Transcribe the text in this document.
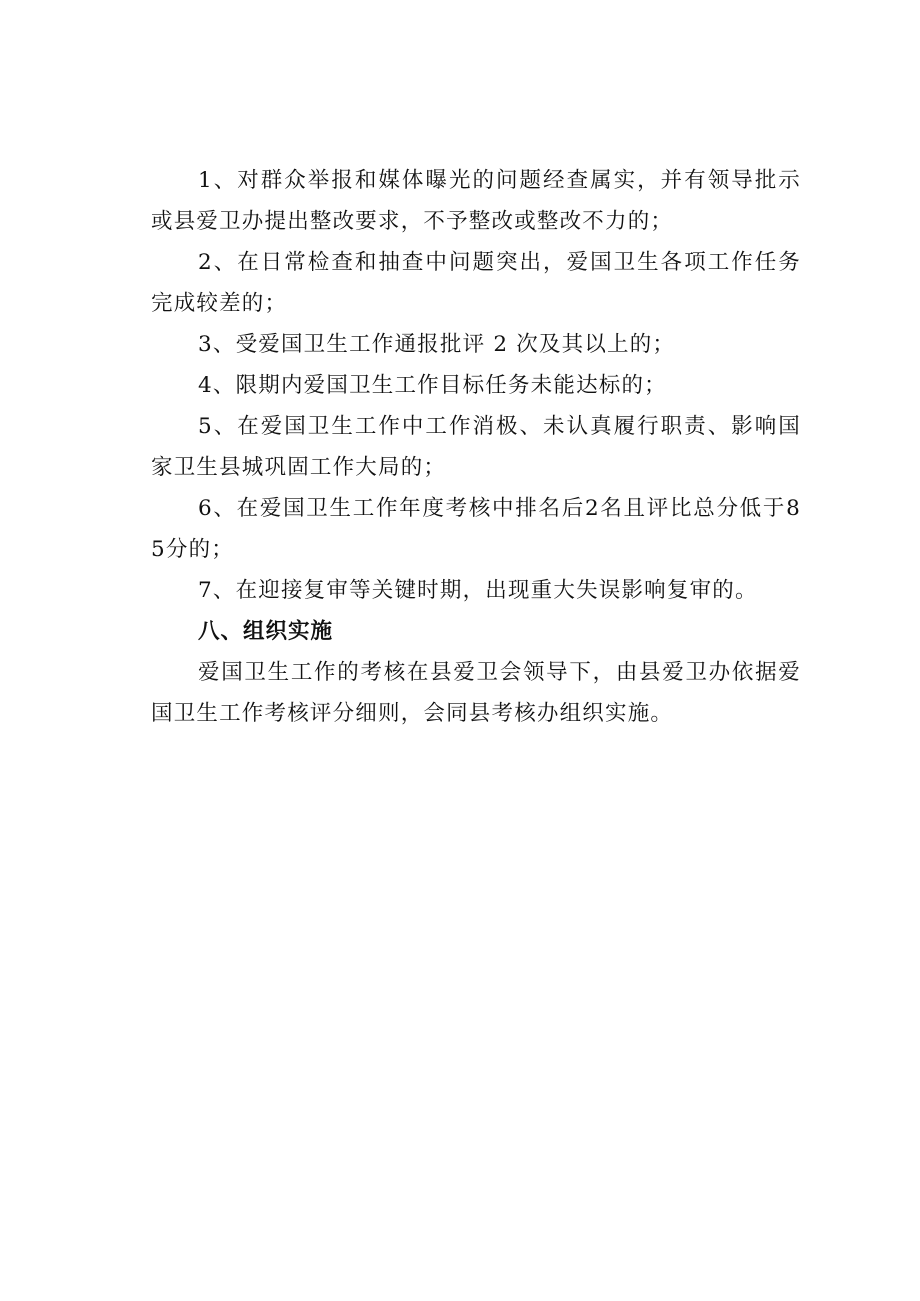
1、对群众举报和媒体曝光的问题经查属实，并有领导批示或县爱卫办提出整改要求，不予整改或整改不力的；

2、在日常检查和抽查中问题突出，爱国卫生各项工作任务完成较差的；

3、受爱国卫生工作通报批评 2 次及其以上的；

4、限期内爱国卫生工作目标任务未能达标的；

5、在爱国卫生工作中工作消极、未认真履行职责、影响国家卫生县城巩固工作大局的；

6、在爱国卫生工作年度考核中排名后2名且评比总分低于85分的；

7、在迎接复审等关键时期，出现重大失误影响复审的。

八、组织实施

爱国卫生工作的考核在县爱卫会领导下，由县爱卫办依据爱国卫生工作考核评分细则，会同县考核办组织实施。
